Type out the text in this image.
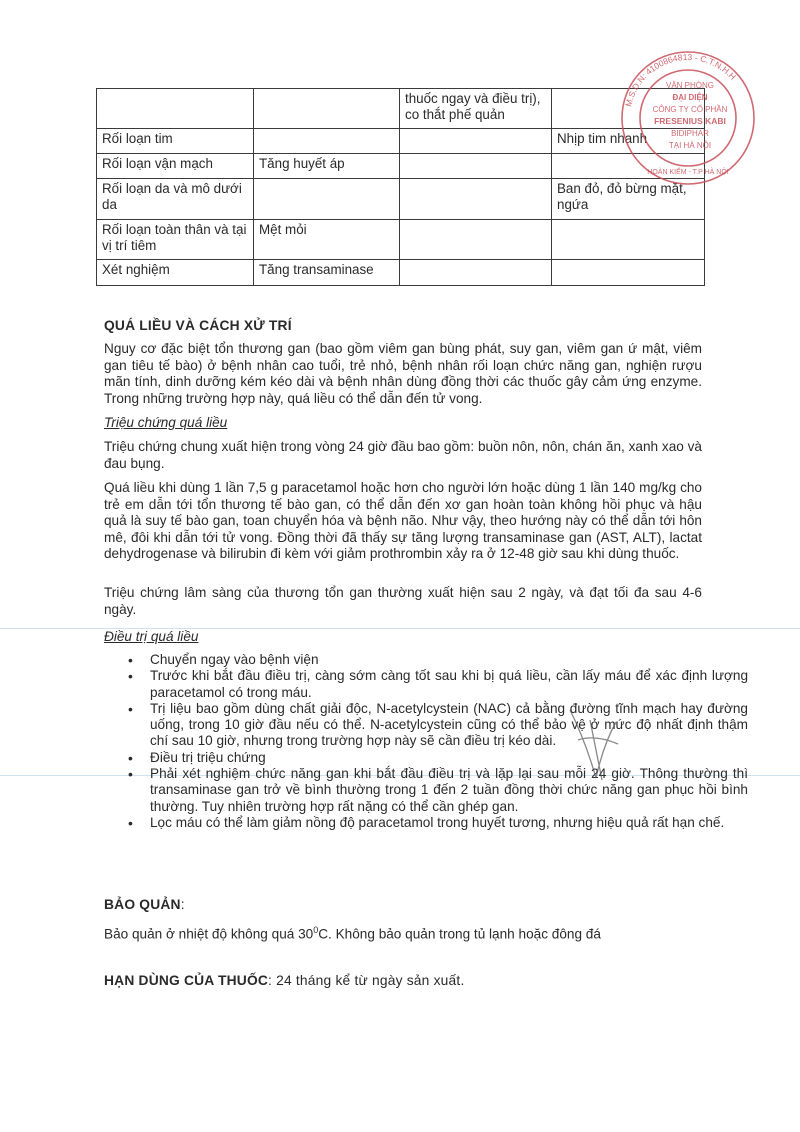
		thuốc ngay và điều trị), co thắt phế quản	
Rối loạn tim			Nhịp tim nhanh
Rối loạn vận mạch	Tăng huyết áp		
Rối loạn da và mô dưới da			Ban đỏ, đỏ bừng mặt, ngứa
Rối loạn toàn thân và tại vị trí tiêm	Mệt mỏi		
Xét nghiệm	Tăng transaminase		
QUÁ LIỀU VÀ CÁCH XỬ TRÍ
Nguy cơ đặc biệt tổn thương gan (bao gồm viêm gan bùng phát, suy gan, viêm gan ứ mật, viêm gan tiêu tế bào) ở bệnh nhân cao tuổi, trẻ nhỏ, bệnh nhân rối loạn chức năng gan, nghiện rượu mãn tính, dinh dưỡng kém kéo dài và bệnh nhân dùng đồng thời các thuốc gây cảm ứng enzyme. Trong những trường hợp này, quá liều có thể dẫn đến tử vong.
Triệu chứng quá liều
Triệu chứng chung xuất hiện trong vòng 24 giờ đầu bao gồm: buồn nôn, nôn, chán ăn, xanh xao và đau bụng.
Quá liều khi dùng 1 lần 7,5 g paracetamol hoặc hơn cho người lớn hoặc dùng 1 lần 140 mg/kg cho trẻ em dẫn tới tổn thương tế bào gan, có thể dẫn đến xơ gan hoàn toàn không hồi phục và hậu quả là suy tế bào gan, toan chuyển hóa và bệnh não. Như vậy, theo hướng này có thể dẫn tới hôn mê, đôi khi dẫn tới tử vong. Đồng thời đã thấy sự tăng lượng transaminase gan (AST, ALT), lactat dehydrogenase và bilirubin đi kèm với giảm prothrombin xảy ra ở 12-48 giờ sau khi dùng thuốc.
Triệu chứng lâm sàng của thương tổn gan thường xuất hiện sau 2 ngày, và đạt tối đa sau 4-6 ngày.
Điều trị quá liều
• Chuyển ngay vào bệnh viện
• Trước khi bắt đầu điều trị, càng sớm càng tốt sau khi bị quá liều, cần lấy máu để xác định lượng paracetamol có trong máu.
• Trị liệu bao gồm dùng chất giải độc, N-acetylcystein (NAC) cả bằng đường tĩnh mạch hay đường uống, trong 10 giờ đầu nếu có thể. N-acetylcystein cũng có thể bảo vệ ở mức độ nhất định thậm chí sau 10 giờ, nhưng trong trường hợp này sẽ cần điều trị kéo dài.
• Điều trị triệu chứng
• Phải xét nghiệm chức năng gan khi bắt đầu điều trị và lặp lại sau mỗi 24 giờ. Thông thường thì transaminase gan trở về bình thường trong 1 đến 2 tuần đồng thời chức năng gan phục hồi bình thường. Tuy nhiên trường hợp rất nặng có thể cần ghép gan.
• Lọc máu có thể làm giảm nồng độ paracetamol trong huyết tương, nhưng hiệu quả rất hạn chế.
BẢO QUẢN:
Bảo quản ở nhiệt độ không quá $30^0C$. Không bảo quản trong tủ lạnh hoặc đông đá
HẠN DÙNG CỦA THUỐC: 24 tháng kể từ ngày sản xuất.
M.S.D.N: 4100864813 - C.T.N.H.H
VĂN PHÒNG
ĐẠI DIỆN
CÔNG TY CỔ PHẦN
FRESENIUS KABI
BIDIPHAR
TẠI HÀ NỘI
HOÀN KIẾM - T.P HÀ NỘI
